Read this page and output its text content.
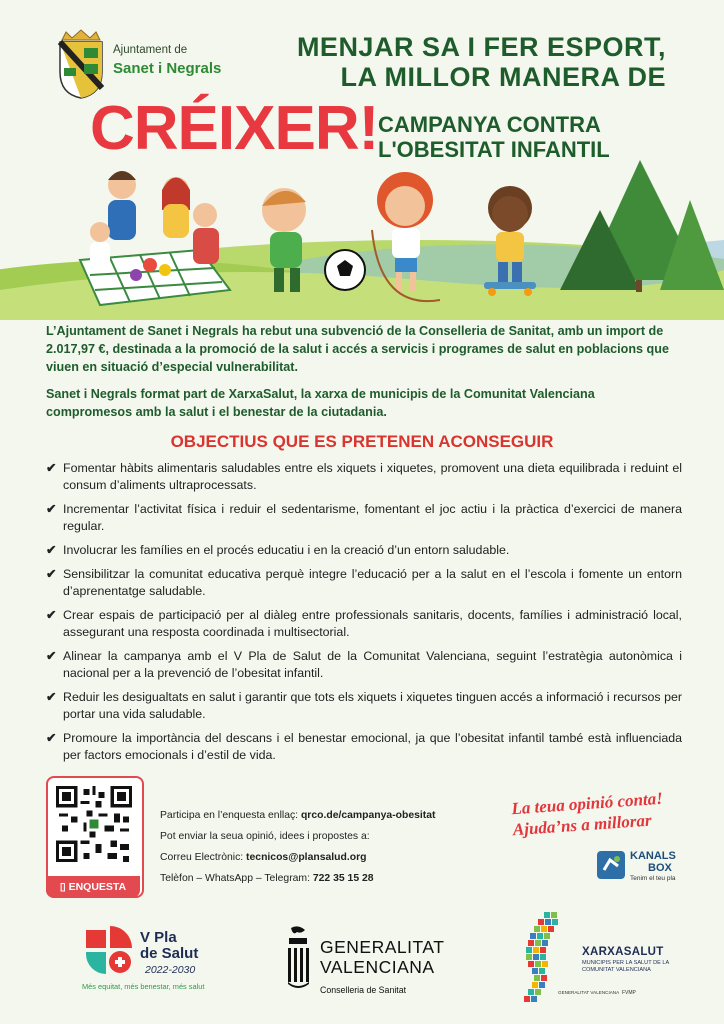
Ajuntament de
Sanet i Negrals
MENJAR SA I FER ESPORT,
LA MILLOR MANERA DE
CRÉIXER! CAMPANYA CONTRA
L'OBESITAT INFANTIL

L’Ajuntament de Sanet i Negrals ha rebut una subvenció de la Conselleria de Sanitat, amb un import de 2.017,97 €, destinada a la promoció de la salut i accés a servicis i programes de salut en poblacions que viuen en situació d’especial vulnerabilitat.

Sanet i Negrals format part de XarxaSalut, la xarxa de municipis de la Comunitat Valenciana compromesos amb la salut i el benestar de la ciutadania.

OBJECTIUS QUE ES PRETENEN ACONSEGUIR
✔ Fomentar hàbits alimentaris saludables entre els xiquets i xiquetes, promovent una dieta equilibrada i reduint el consum d’aliments ultraprocessats.
✔ Incrementar l’activitat física i reduir el sedentarisme, fomentant el joc actiu i la pràctica d’exercici de manera regular.
✔ Involucrar les famílies en el procés educatiu i en la creació d’un entorn saludable.
✔ Sensibilitzar la comunitat educativa perquè integre l’educació per a la salut en el l’escola i fomente un entorn d’aprenentatge saludable.
✔ Crear espais de participació per al diàleg entre professionals sanitaris, docents, famílies i administració local, assegurant una resposta coordinada i multisectorial.
✔ Alinear la campanya amb el V Pla de Salut de la Comunitat Valenciana, seguint l’estratègia autonòmica i nacional per a la prevenció de l’obesitat infantil.
✔ Reduir les desigualtats en salut i garantir que tots els xiquets i xiquetes tinguen accés a informació i recursos per portar una vida saludable.
✔ Promoure la importància del descans i el benestar emocional, ja que l’obesitat infantil també està influenciada per factors emocionals i d’estil de vida.
▯ ENQUESTA
Participa en l’enquesta enllaç: qrco.de/campanya-obesitat
Pot enviar la seua opinió, idees i propostes a:
Correu Electrònic: tecnicos@plansalud.org
Telèfon – WhatsApp – Telegram: 722 35 15 28
La teua opinió conta!
Ajuda’ns a millorar
KANALS
BOX
Tenim el teu pla
V Pla
de Salut
2022-2030
Més equitat, més benestar, més salut
GENERALITAT
VALENCIANA
Conselleria de Sanitat
XARXASALUT
MUNICIPIS PER LA SALUT DE LA COMUNITAT VALENCIANA
GENERALITAT VALENCIANA FVMP
